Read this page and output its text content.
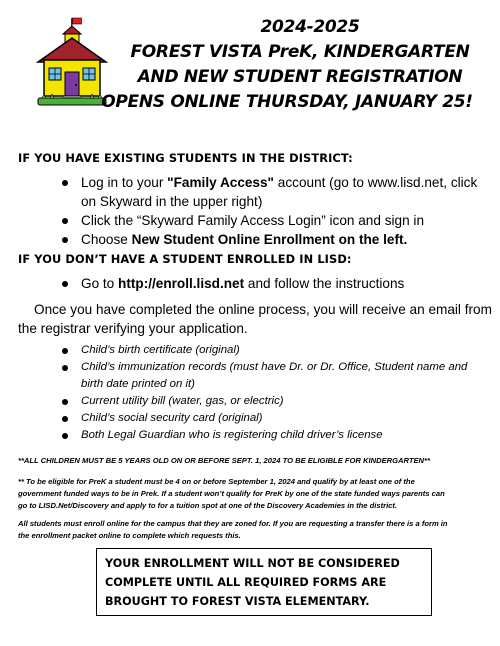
2024-2025
FOREST VISTA PreK, KINDERGARTEN
AND NEW STUDENT REGISTRATION
OPENS ONLINE THURSDAY, JANUARY 25!
IF YOU HAVE EXISTING STUDENTS IN THE DISTRICT:
Log in to your "Family Access" account (go to www.lisd.net, click
on Skyward in the upper right)
Click the “Skyward Family Access Login” icon and sign in
Choose New Student Online Enrollment on the left.
IF YOU DON’T HAVE A STUDENT ENROLLED IN LISD:
Go to http://enroll.lisd.net and follow the instructions
Once you have completed the online process, you will receive an email from
the registrar verifying your application.
Child’s birth certificate (original)
Child’s immunization records (must have Dr. or Dr. Office, Student name and
birth date printed on it)
Current utility bill (water, gas, or electric)
Child’s social security card (original)
Both Legal Guardian who is registering child driver’s license
**ALL CHILDREN MUST BE 5 YEARS OLD ON OR BEFORE SEPT. 1, 2024 TO BE ELIGIBLE FOR KINDERGARTEN**
** To be eligible for PreK a student must be 4 on or before September 1, 2024 and qualify by at least one of the
government funded ways to be in Prek. If a student won’t qualify for PreK by one of the state funded ways parents can
go to LISD.Net/Discovery and apply to for a tuition spot at one of the Discovery Academies in the district.
All students must enroll online for the campus that they are zoned for. If you are requesting a transfer there is a form in
the enrollment packet online to complete which requests this.
YOUR ENROLLMENT WILL NOT BE CONSIDERED
COMPLETE UNTIL ALL REQUIRED FORMS ARE
BROUGHT TO FOREST VISTA ELEMENTARY.
